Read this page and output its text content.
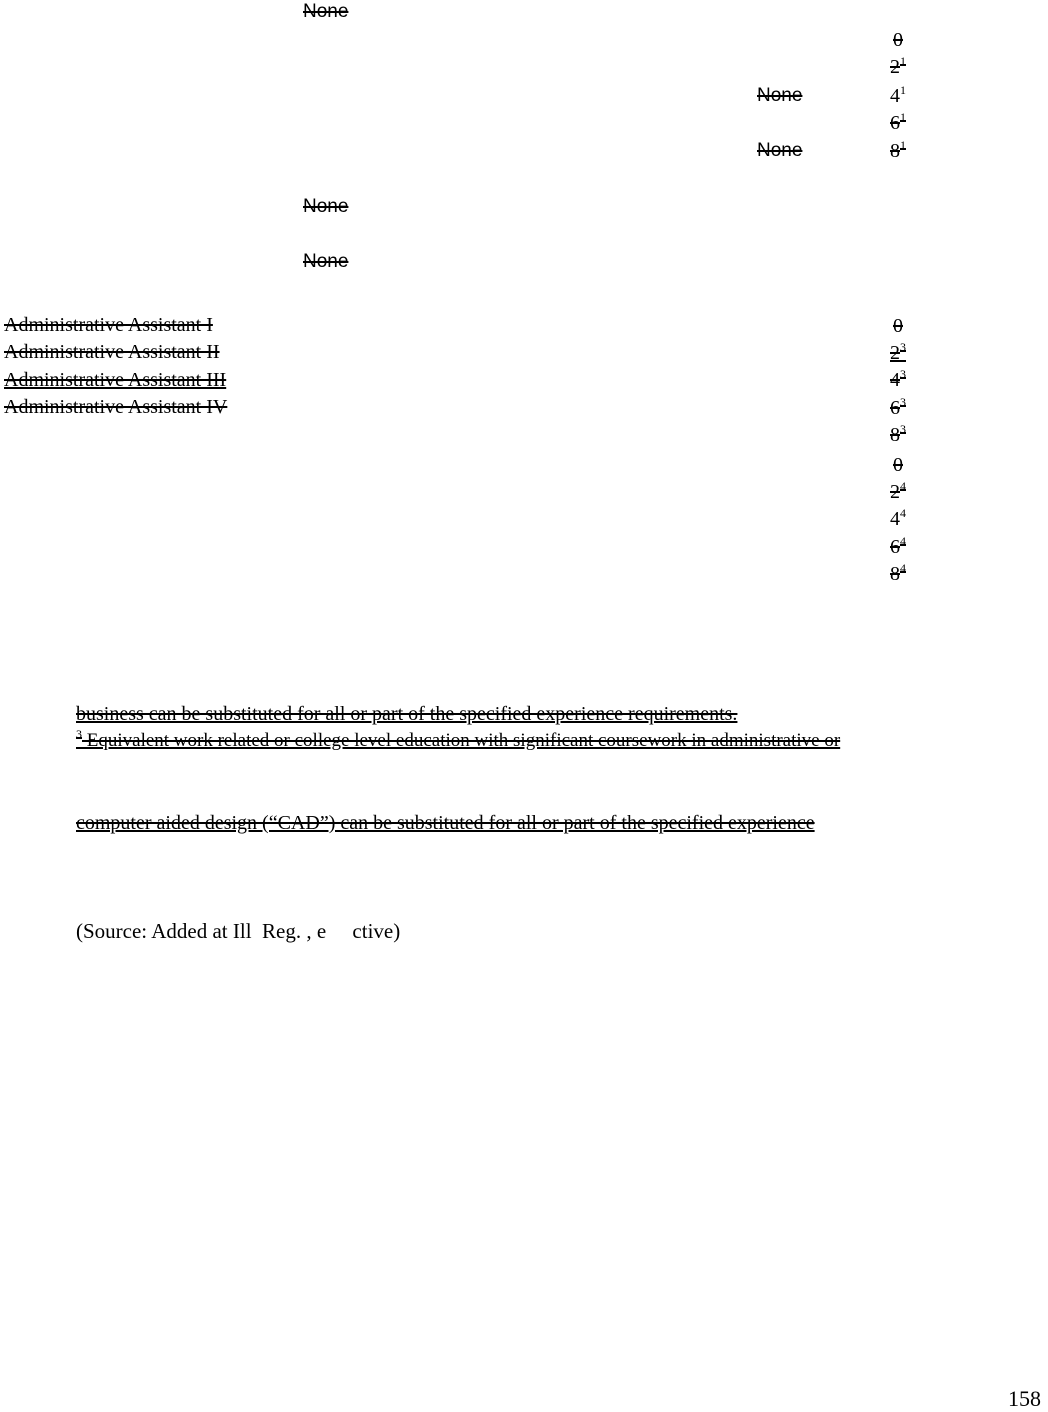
None
None
None
None
None
0
$2^1$
$4^1$
$6^1$
$8^1$
Administrative Assistant I
Administrative Assistant II
Administrative Assistant III
Administrative Assistant IV
0
$2^3$
$4^3$
$6^3$
$8^3$
0
$2^4$
$4^4$
$6^4$
$8^4$
business can be substituted for all or part of the specified experience requirements.
$^3$ Equivalent work related or college level education with significant coursework in administrative or
computer aided design (“CAD”) can be substituted for all or part of the specified experience
(Source: Added at Ill  Reg. , e     ctive)
158
